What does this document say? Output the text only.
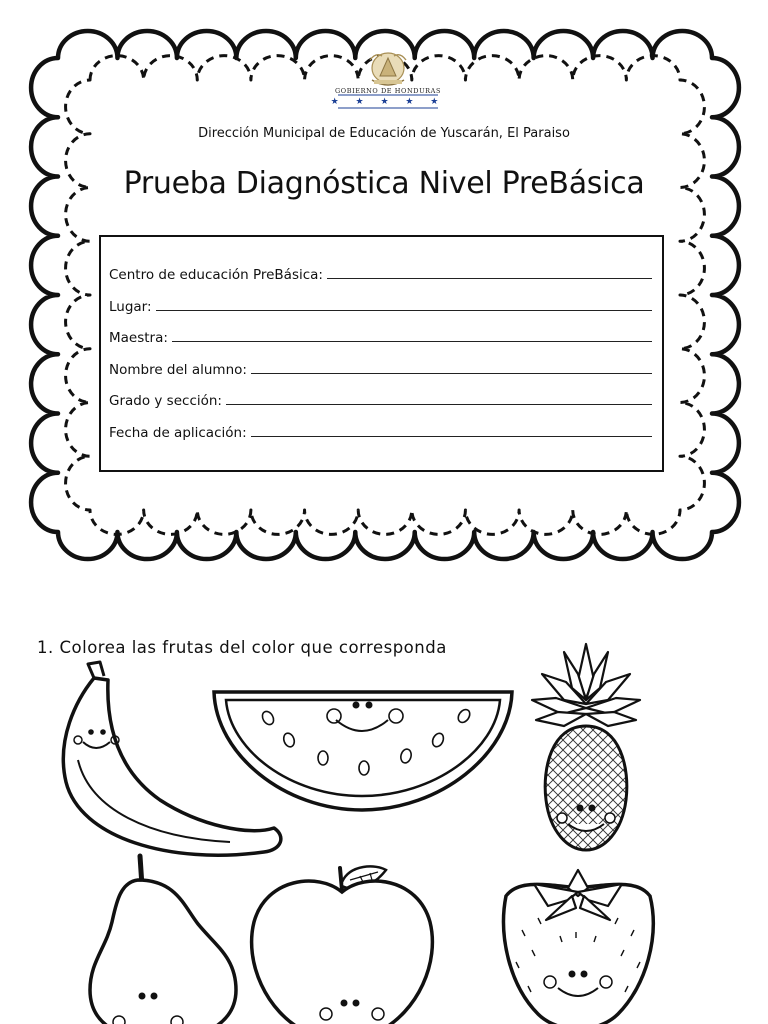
GOBIERNO DE HONDURAS
★ ★ ★ ★ ★
Dirección Municipal de Educación de Yuscarán, El Paraiso
Prueba Diagnóstica Nivel PreBásica
Centro de educación PreBásica:
Lugar:
Maestra:
Nombre del alumno:
Grado y sección:
Fecha de aplicación:
1. Colorea las frutas del color que corresponda
